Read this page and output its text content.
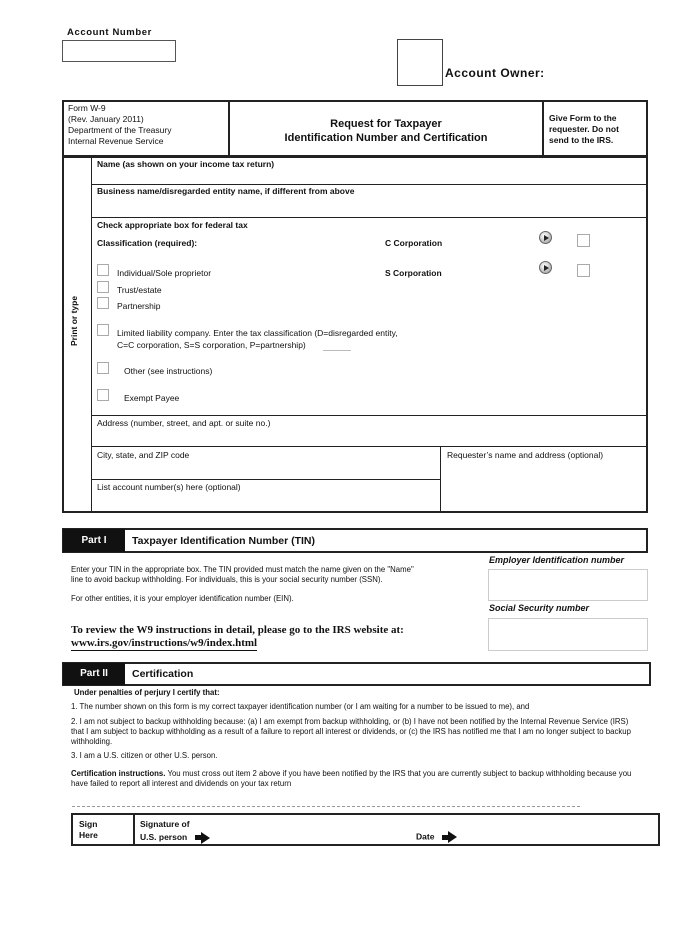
Account Number
Account Owner:
Form W-9
(Rev. January 2011)
Department of the Treasury
Internal Revenue Service
Request for Taxpayer
Identification Number and Certification
Give Form to the
requester. Do not
send to the IRS.
Print or type
Name (as shown on your income tax return)
Business name/disregarded entity name, if different from above
Check appropriate box for federal tax
Classification (required):	C Corporation
S Corporation
Individual/Sole proprietor
Trust/estate
Partnership
Limited liability company. Enter the tax classification (D=disregarded entity,
C=C corporation, S=S corporation, P=partnership)
Other (see instructions)
Exempt Payee
Address (number, street, and apt. or suite no.)
City, state, and ZIP code	Requester’s name and address (optional)
List account number(s) here (optional)
Part I	Taxpayer Identification Number (TIN)
Employer Identification number
Social Security number
Enter your TIN in the appropriate box. The TIN provided must match the name given on the "Name"
line to avoid backup withholding. For individuals, this is your social security number (SSN).
For other entities, it is your employer identification number (EIN).
To review the W9 instructions in detail, please go to the IRS website at:
www.irs.gov/instructions/w9/index.html
Part II	Certification
Under penalties of perjury I certify that:
1. The number shown on this form is my correct taxpayer identification number (or I am waiting for a number to be issued to me), and
2. I am not subject to backup withholding because: (a) I am exempt from backup withholding, or (b) I have not been notified by the Internal Revenue Service (IRS)
that I am subject to backup withholding as a result of a failure to report all interest or dividends, or (c) the IRS has notified me that I am no longer subject to backup
withholding.
3. I am a U.S. citizen or other U.S. person.
Certification instructions. You must cross out item 2 above if you have been notified by the IRS that you are currently subject to backup withholding because you
have failed to report all interest and dividends on your tax return
Sign
Here
Signature of
U.S. person	Date
